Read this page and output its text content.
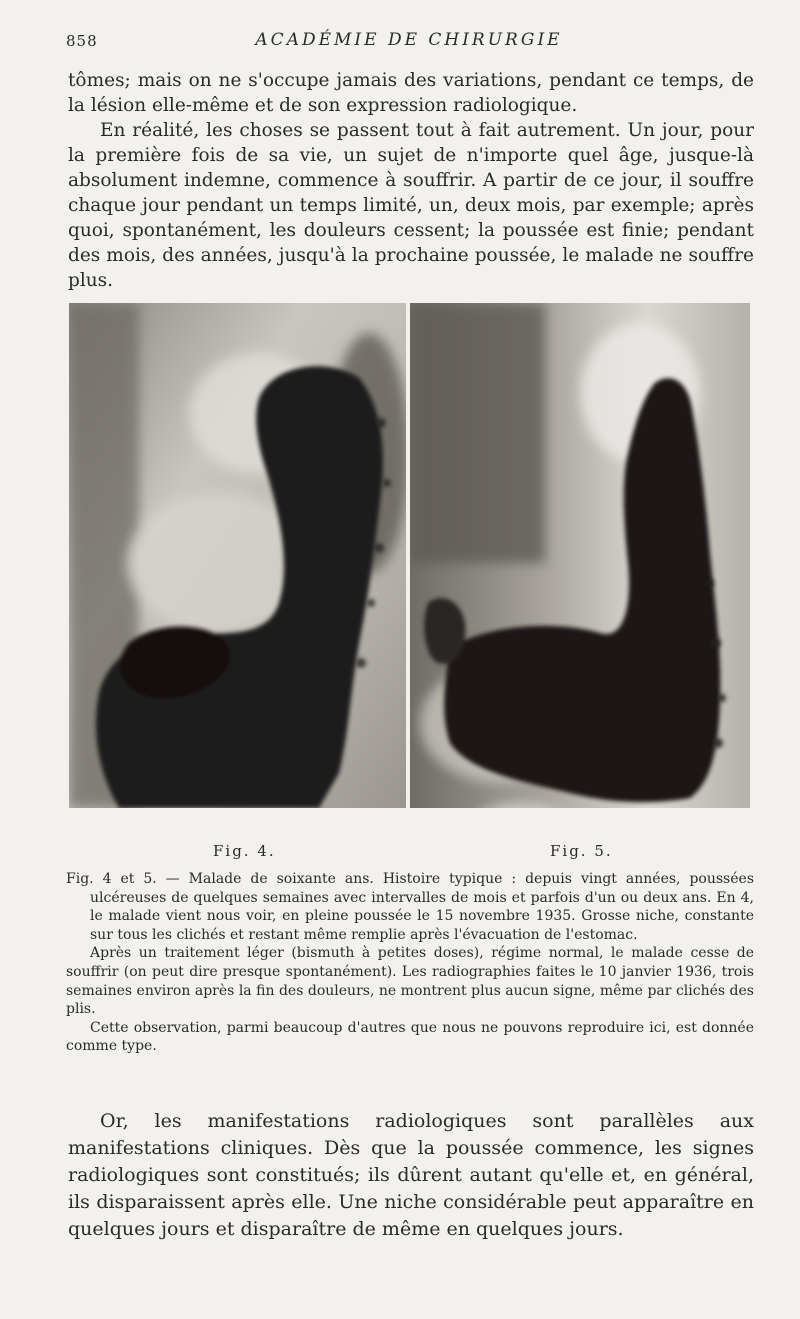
858	ACADÉMIE DE CHIRURGIE

tômes; mais on ne s'occupe jamais des variations, pendant ce temps, de la lésion elle-même et de son expression radiologique.

En réalité, les choses se passent tout à fait autrement. Un jour, pour la première fois de sa vie, un sujet de n'importe quel âge, jusque-là absolument indemne, commence à souffrir. A partir de ce jour, il souffre chaque jour pendant un temps limité, un, deux mois, par exemple; après quoi, spontanément, les douleurs cessent; la poussée est finie; pendant des mois, des années, jusqu'à la prochaine poussée, le malade ne souffre plus.

Fig. 4.	Fig. 5.

Fig. 4 et 5. — Malade de soixante ans. Histoire typique : depuis vingt années, poussées ulcéreuses de quelques semaines avec intervalles de mois et parfois d'un ou deux ans. En 4, le malade vient nous voir, en pleine poussée le 15 novembre 1935. Grosse niche, constante sur tous les clichés et restant même remplie après l'évacuation de l'estomac.

Après un traitement léger (bismuth à petites doses), régime normal, le malade cesse de souffrir (on peut dire presque spontanément). Les radiographies faites le 10 janvier 1936, trois semaines environ après la fin des douleurs, ne montrent plus aucun signe, même par clichés des plis.

Cette observation, parmi beaucoup d'autres que nous ne pouvons reproduire ici, est donnée comme type.

Or, les manifestations radiologiques sont parallèles aux manifestations cliniques. Dès que la poussée commence, les signes radiologiques sont constitués; ils dûrent autant qu'elle et, en général, ils disparaissent après elle. Une niche considérable peut apparaître en quelques jours et disparaître de même en quelques jours.
